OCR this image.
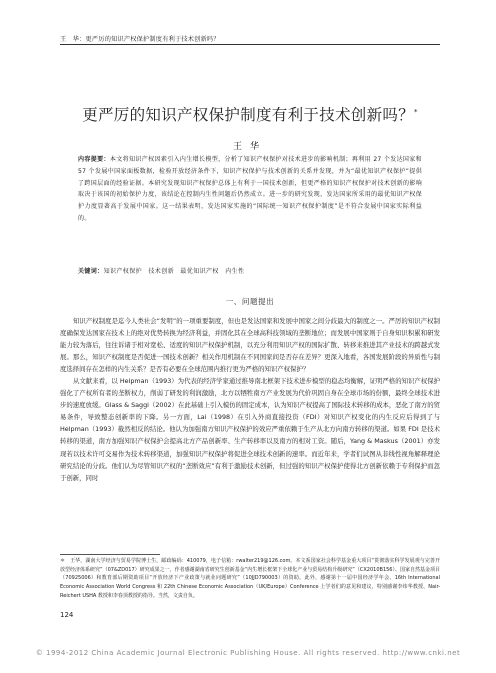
王　华：更严厉的知识产权保护制度有利于技术创新吗？
更严厉的知识产权保护制度有利于技术创新吗？*
王华
内容提要：本文将知识产权因素引入内生增长模型，分析了知识产权保护对技术进步的影响机制；再利用 27 个发达国家和 57 个发展中国家面板数据，检验开放经济条件下，知识产权保护与技术创新的关系并发现，并为“最优知识产权保护”提供了跨国层面的经验证据。本研究发现知识产权保护总体上有利于一国技术创新，但更严格的知识产权保护对技术创新的影响取决于该国的初始保护力度，该结论在控制内生性问题后仍然成立。进一步的研究发现，发达国家所采用的最优知识产权保护力度显著高于发展中国家。这一结果表明，发达国家实施的“国际统一知识产权保护制度”是不符合发展中国家实际利益的。
关键词：知识产权保护　技术创新　最优知识产权　内生性
一、问题提出

知识产权制度是迄今人类社会“发明”的一项重要制度，但也是发达国家和发展中国家之间分歧最大的制度之一。严厉的知识产权制度确保发达国家在技术上的绝对优势转换为经济利益，并固化其在全球高科技领域的垄断地位；而发展中国家则于自身知识积累和研发能力较为落后，往往诉诸于相对宽松、适度的知识产权保护机制，以充分利用知识产权的国际扩散、转移来推进其产业技术的跨越式发展。那么，知识产权制度是否促进一国技术创新？相关作用机制在不同国家间是否存在差异？更深入地看，各国发展阶段的异质性与制度选择间存在怎样的内生关系？是否有必要在全球范围内推行更为严格的知识产权保护？

从文献来看，以 Helpman（1993）为代表的经济学家通过推导南北框架下技术进步模型的稳态均衡解，证明严格的知识产权保护强化了产权所有者的垄断权力，削弱了研发的利润激励，北方以牺牲南方产业发展为代价巩固自身在全球市场的份额，最终全球技术进步的速度放缓。Glass & Saggi（2002）在此基础上引入模仿的固定成本，认为知识产权提高了国际技术转移的成本，恶化了南方的贸易条件，导致整态创新率的下降。另一方面，Lai（1998）在引入外商直接投资（FDI）对知识产权变化的内生反应后得到了与 Helpman（1993）截然相反的结论。他认为加强南方知识产权保护的效应严重依赖于生产从北方向南方转移的渠道。如果 FDI 是技术转移的渠道，南方加强知识产权保护会提高北方产品创新率、生产转移率以及南方的相对工资。随后，Yang & Maskus（2001）亦发现若以技术许可交易作为技术转移渠道，加强知识产权保护将促进全球技术创新的速率。而近年来，学者们试图从非线性视角解释理论研究结论的分歧。他们认为尽管知识产权的“垄断效应”有利于激励技术创新，但过强的知识产权保护使得北方创新依赖于专利保护而忽于创新，同时

＊　王华，湖南大学经济与贸易学院博士生，邮政编码：410079，电子信箱：rwalter219@126.com。本文系国家社会科学基金重大项目“贯彻落实科学发展观与完善开放型经济体系研究”（07&ZD017）研究成果之一，作者感谢湖南省研究生创新基金“内生增长框架下全球化产业与贸易结构升级研究”（CX2010B156）、国家自然基金项目（70925006）和教育部后期资助项目“开放经济下产业政策与就业问题研究”（10JJD790003）的资助。此外，感谢第十一届中国经济学年会、16th International Economic Association World Congress 和 22th Chinese Economic Association（UK/Europe）Conference 上学者们的意见和建议，特别感谢李纬华教授、Nair-Reichert USHA 教授和李春顶教授的指导。当然，文责自负。
124
© 1994-2012 China Academic Journal Electronic Publishing House. All rights reserved. http://www.cnki.net
